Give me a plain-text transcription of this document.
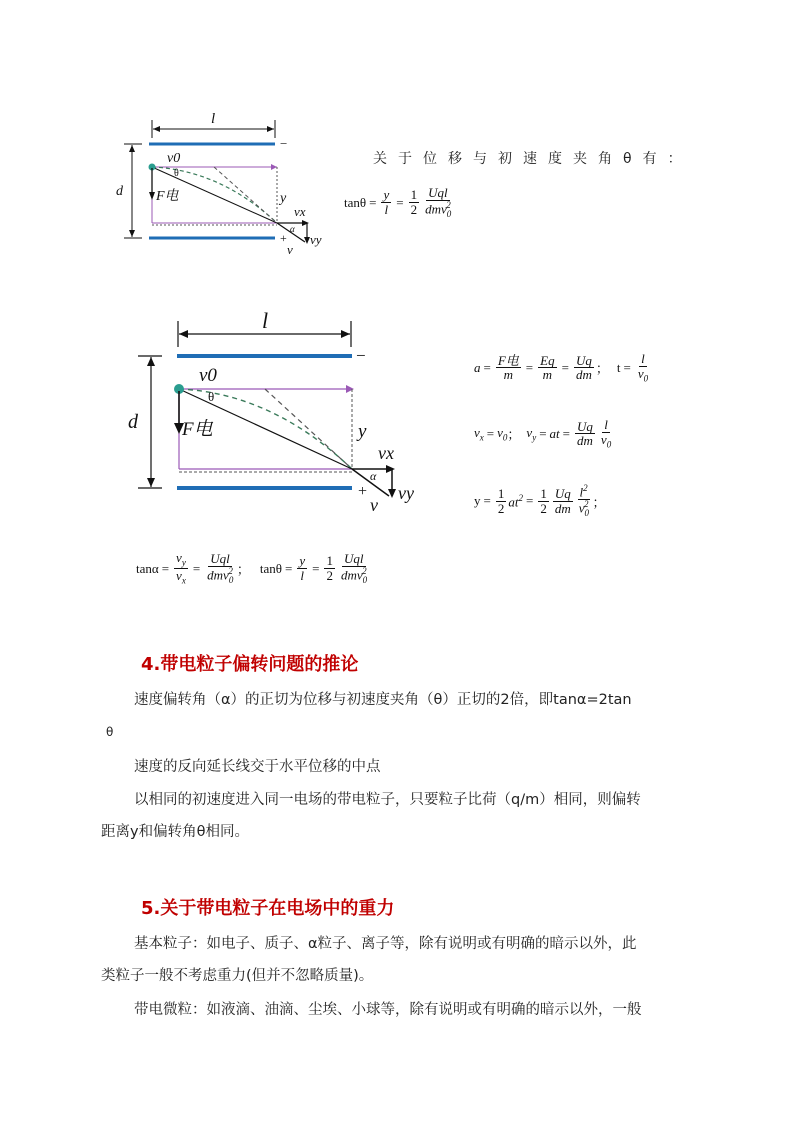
l
−
d
v0
θ
F电	y
vx
α
vy
+
v
关于位移与初速度夹角θ有：
$\tan\theta = \frac{y}{l} = \frac{1}{2} \frac{\text{Uql}}{dmv_0^2}$
l
−
d
v0
θ
F电	y
vx
α
vy
+
v
$a = \frac{\text{F电}}{m} = \frac{Eq}{m} = \frac{Uq}{dm}$ ； $t = \frac{l}{v_0}$
$v_x = v_0$ ； $v_y$ = at = $\frac{Uq}{dm} \frac{l}{v_0}$
$y = \frac{1}{2} at^2 = \frac{1}{2} \frac{Uq}{dm} \frac{l^2}{v_0^2}$ ；
$\tan\alpha = \frac{v_y}{v_x} = \frac{\text{Uql}}{dmv_0^2}$ ； $\tan\theta = \frac{y}{l} = \frac{1}{2} \frac{\text{Uql}}{dmv_0^2}$
4.带电粒子偏转问题的推论
速度偏转角（α）的正切为位移与初速度夹角（θ）正切的2倍，即tanα=2tan
θ
速度的反向延长线交于水平位移的中点
以相同的初速度进入同一电场的带电粒子，只要粒子比荷（q/m）相同，则偏转
距离y和偏转角θ相同。
5.关于带电粒子在电场中的重力
基本粒子：如电子、质子、α粒子、离子等，除有说明或有明确的暗示以外，此
类粒子一般不考虑重力(但并不忽略质量)。
带电微粒：如液滴、油滴、尘埃、小球等，除有说明或有明确的暗示以外，一般
